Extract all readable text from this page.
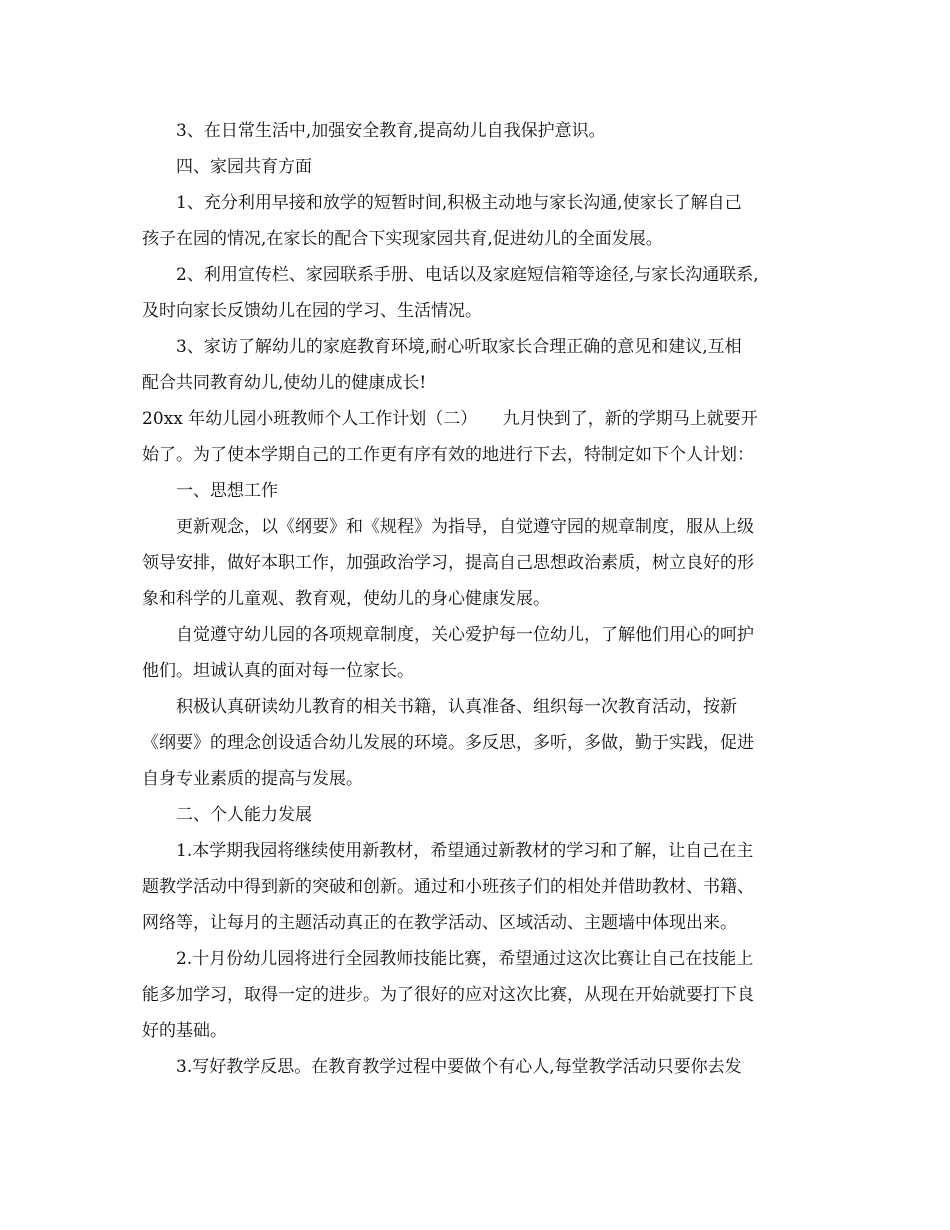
3、在日常生活中,加强安全教育,提高幼儿自我保护意识。
四、家园共育方面
1、充分利用早接和放学的短暂时间,积极主动地与家长沟通,使家长了解自己
孩子在园的情况,在家长的配合下实现家园共育,促进幼儿的全面发展。
2、利用宣传栏、家园联系手册、电话以及家庭短信箱等途径,与家长沟通联系,
及时向家长反馈幼儿在园的学习、生活情况。
3、家访了解幼儿的家庭教育环境,耐心听取家长合理正确的意见和建议,互相
配合共同教育幼儿,使幼儿的健康成长!
20xx 年幼儿园小班教师个人工作计划（二）　　九月快到了，新的学期马上就要开
始了。为了使本学期自己的工作更有序有效的地进行下去，特制定如下个人计划：
一、思想工作
更新观念，以《纲要》和《规程》为指导，自觉遵守园的规章制度，服从上级
领导安排，做好本职工作，加强政治学习，提高自己思想政治素质，树立良好的形
象和科学的儿童观、教育观，使幼儿的身心健康发展。
自觉遵守幼儿园的各项规章制度，关心爱护每一位幼儿，了解他们用心的呵护
他们。坦诚认真的面对每一位家长。
积极认真研读幼儿教育的相关书籍，认真准备、组织每一次教育活动，按新
《纲要》的理念创设适合幼儿发展的环境。多反思，多听，多做，勤于实践，促进
自身专业素质的提高与发展。
二、个人能力发展
1.本学期我园将继续使用新教材，希望通过新教材的学习和了解，让自己在主
题教学活动中得到新的突破和创新。通过和小班孩子们的相处并借助教材、书籍、
网络等，让每月的主题活动真正的在教学活动、区域活动、主题墙中体现出来。
2.十月份幼儿园将进行全园教师技能比赛，希望通过这次比赛让自己在技能上
能多加学习，取得一定的进步。为了很好的应对这次比赛，从现在开始就要打下良
好的基础。
3.写好教学反思。在教育教学过程中要做个有心人,每堂教学活动只要你去发
